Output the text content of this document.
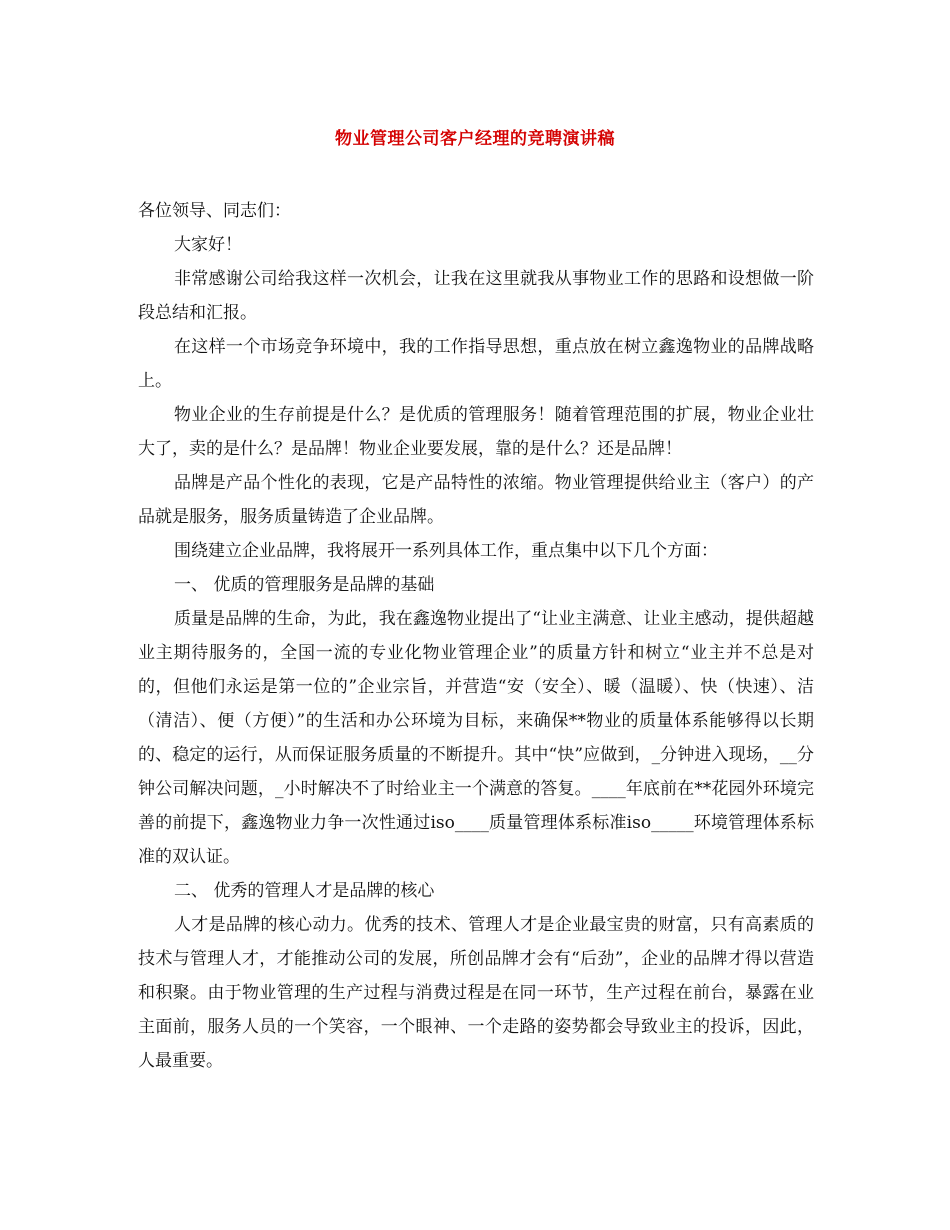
物业管理公司客户经理的竞聘演讲稿

各位领导、同志们：

大家好！

非常感谢公司给我这样一次机会，让我在这里就我从事物业工作的思路和设想做一阶段总结和汇报。

在这样一个市场竞争环境中，我的工作指导思想，重点放在树立鑫逸物业的品牌战略上。

物业企业的生存前提是什么？是优质的管理服务！随着管理范围的扩展，物业企业壮大了，卖的是什么？是品牌！物业企业要发展，靠的是什么？还是品牌！

品牌是产品个性化的表现，它是产品特性的浓缩。物业管理提供给业主（客户）的产品就是服务，服务质量铸造了企业品牌。

围绕建立企业品牌，我将展开一系列具体工作，重点集中以下几个方面：

一、 优质的管理服务是品牌的基础

质量是品牌的生命，为此，我在鑫逸物业提出了“让业主满意、让业主感动，提供超越业主期待服务的，全国一流的专业化物业管理企业”的质量方针和树立“业主并不总是对的，但他们永运是第一位的”企业宗旨，并营造“安（安全）、暖（温暖）、快（快速）、洁（清洁）、便（方便）”的生活和办公环境为目标，来确保**物业的质量体系能够得以长期的、稳定的运行，从而保证服务质量的不断提升。其中“快”应做到，_分钟进入现场，__分钟公司解决问题，_小时解决不了时给业主一个满意的答复。____年底前在**花园外环境完善的前提下，鑫逸物业力争一次性通过iso____质量管理体系标准iso_____环境管理体系标准的双认证。

二、 优秀的管理人才是品牌的核心

人才是品牌的核心动力。优秀的技术、管理人才是企业最宝贵的财富，只有高素质的技术与管理人才，才能推动公司的发展，所创品牌才会有“后劲”，企业的品牌才得以营造和积聚。由于物业管理的生产过程与消费过程是在同一环节，生产过程在前台，暴露在业主面前，服务人员的一个笑容，一个眼神、一个走路的姿势都会导致业主的投诉，因此，人最重要。
